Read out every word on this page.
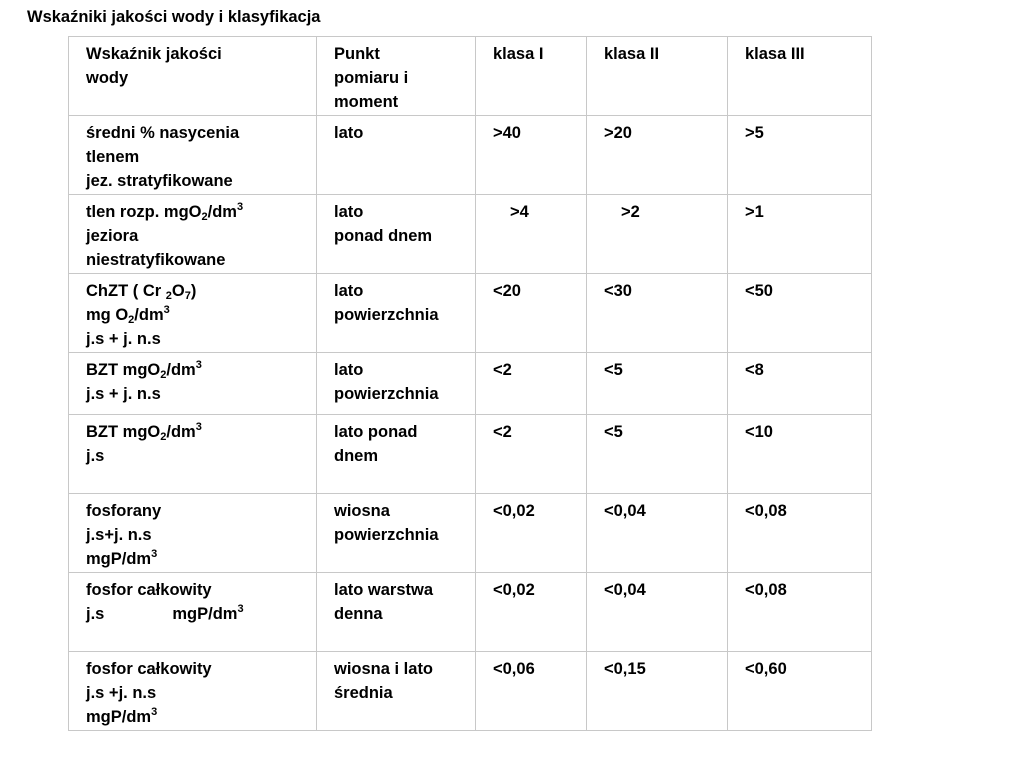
Wskaźniki jakości wody i klasyfikacja
Wskaźnik jakości
wody	Punkt
pomiaru i
moment	klasa I	klasa II	klasa III

średni % nasycenia
tlenem
jez. stratyfikowane	lato	>40	>20	>5

tlen rozp. $mgO_2/dm^3$
jeziora
niestratyfikowane	lato
ponad dnem	>4	>2	>1

ChZT ( Cr $_2O_7$)
mg $O_2/dm^3$
j.s + j. n.s	lato
powierzchnia	<20	<30	<50

BZT $mgO_2/dm^3$
j.s + j. n.s	lato
powierzchnia	<2	<5	<8

BZT $mgO_2/dm^3$
j.s	lato ponad
dnem	<2	<5	<10

fosforany
j.s+j. n.s
mgP/$dm^3$	wiosna
powierzchnia	<0,02	<0,04	<0,08

fosfor całkowity
j.s mgP/$dm^3$	lato warstwa
denna	<0,02	<0,04	<0,08

fosfor całkowity
j.s +j. n.s
mgP/$dm^3$	wiosna i lato
średnia	<0,06	<0,15	<0,60
